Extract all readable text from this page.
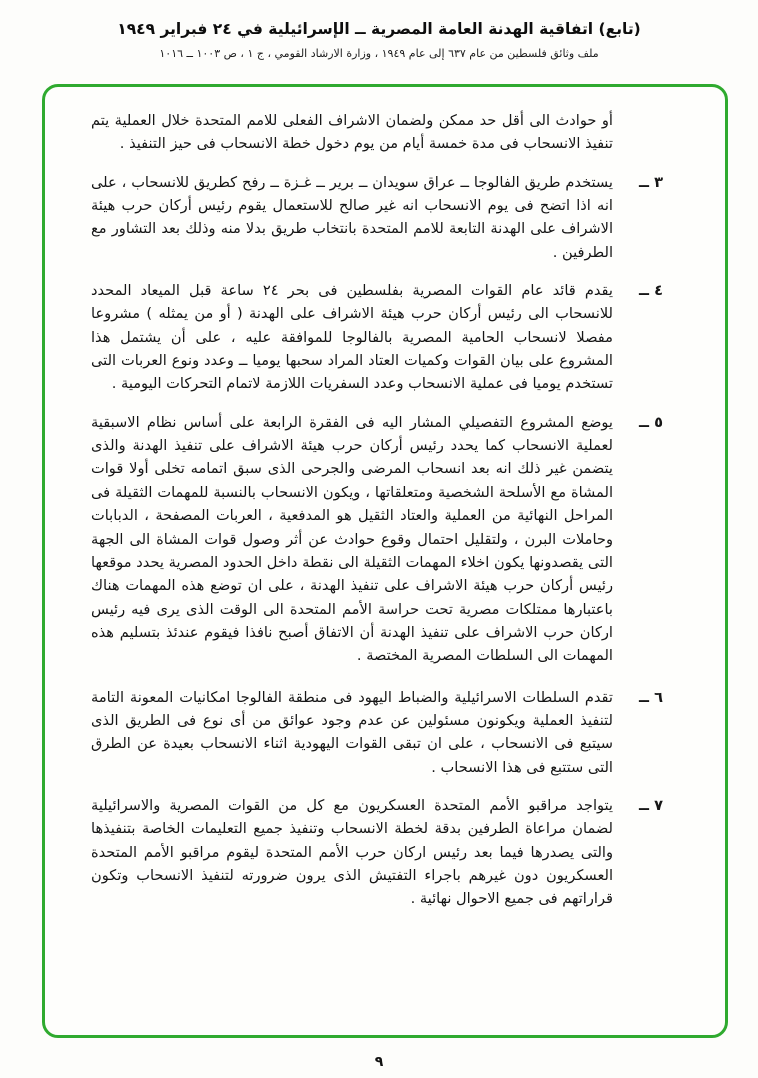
(تابع) اتفاقية الهدنة العامة المصرية ــ الإسرائيلية في ٢٤ فبراير ١٩٤٩
ملف وثائق فلسطين من عام ٦٣٧ إلى عام ١٩٤٩ ، وزارة الارشاد القومي ، ج ١ ، ص ١٠٠٣ ــ ١٠١٦

أو حوادث الى أقل حد ممكن ولضمان الاشراف الفعلى للامم المتحدة خلال العملية يتم تنفيذ الانسحاب فى مدة خمسة أيام من يوم دخول خطة الانسحاب فى حيز التنفيذ .

٣ ــ
يستخدم طريق الفالوجا ــ عراق سويدان ــ برير ــ غـزة ــ رفح كطريق للانسحاب ، على انه اذا اتضح فى يوم الانسحاب انه غير صالح للاستعمال يقوم رئيس أركان حرب هيئة الاشراف على الهدنة التابعة للامم المتحدة بانتخاب طريق بدلا منه وذلك بعد التشاور مع الطرفين .
٤ ــ
يقدم قائد عام القوات المصرية بفلسطين فى بحر ٢٤ ساعة قبل الميعاد المحدد للانسحاب الى رئيس أركان حرب هيئة الاشراف على الهدنة ( أو من يمثله ) مشروعا مفصلا لانسحاب الحامية المصرية بالفالوجا للموافقة عليه ، على أن يشتمل هذا المشروع على بيان القوات وكميات العتاد المراد سحبها يوميا ــ وعدد ونوع العربات التى تستخدم يوميا فى عملية الانسحاب وعدد السفريات اللازمة لاتمام التحركات اليومية .
٥ ــ
يوضع المشروع التفصيلي المشار اليه فى الفقرة الرابعة على أساس نظام الاسبقية لعملية الانسحاب كما يحدد رئيس أركان حرب هيئة الاشراف على تنفيذ الهدنة والذى يتضمن غير ذلك انه بعد انسحاب المرضى والجرحى الذى سبق اتمامه تخلى أولا قوات المشاة مع الأسلحة الشخصية ومتعلقاتها ، ويكون الانسحاب بالنسبة للمهمات الثقيلة فى المراحل النهائية من العملية والعتاد الثقيل هو المدفعية ، العربات المصفحة ، الدبابات وحاملات البرن ، ولتقليل احتمال وقوع حوادث عن أثر وصول قوات المشاة الى الجهة التى يقصدونها يكون اخلاء المهمات الثقيلة الى نقطة داخل الحدود المصرية يحدد موقعها رئيس أركان حرب هيئة الاشراف على تنفيذ الهدنة ، على ان توضع هذه المهمات هناك باعتبارها ممتلكات مصرية تحت حراسة الأمم المتحدة الى الوقت الذى يرى فيه رئيس اركان حرب الاشراف على تنفيذ الهدنة أن الاتفاق أصبح نافذا فيقوم عندئذ بتسليم هذه المهمات الى السلطات المصرية المختصة .
٦ ــ
تقدم السلطات الاسرائيلية والضباط اليهود فى منطقة الفالوجا امكانيات المعونة التامة لتنفيذ العملية ويكونون مسئولين عن عدم وجود عوائق من أى نوع فى الطريق الذى سيتبع فى الانسحاب ، على ان تبقى القوات اليهودية اثناء الانسحاب بعيدة عن الطرق التى ستتبع فى هذا الانسحاب .
٧ ــ
يتواجد مراقبو الأمم المتحدة العسكريون مع كل من القوات المصرية والاسرائيلية لضمان مراعاة الطرفين بدقة لخطة الانسحاب وتنفيذ جميع التعليمات الخاصة بتنفيذها والتى يصدرها فيما بعد رئيس اركان حرب الأمم المتحدة ليقوم مراقبو الأمم المتحدة العسكريون دون غيرهم باجراء التفتيش الذى يرون ضرورته لتنفيذ الانسحاب وتكون قراراتهم فى جميع الاحوال نهائية .
٩
